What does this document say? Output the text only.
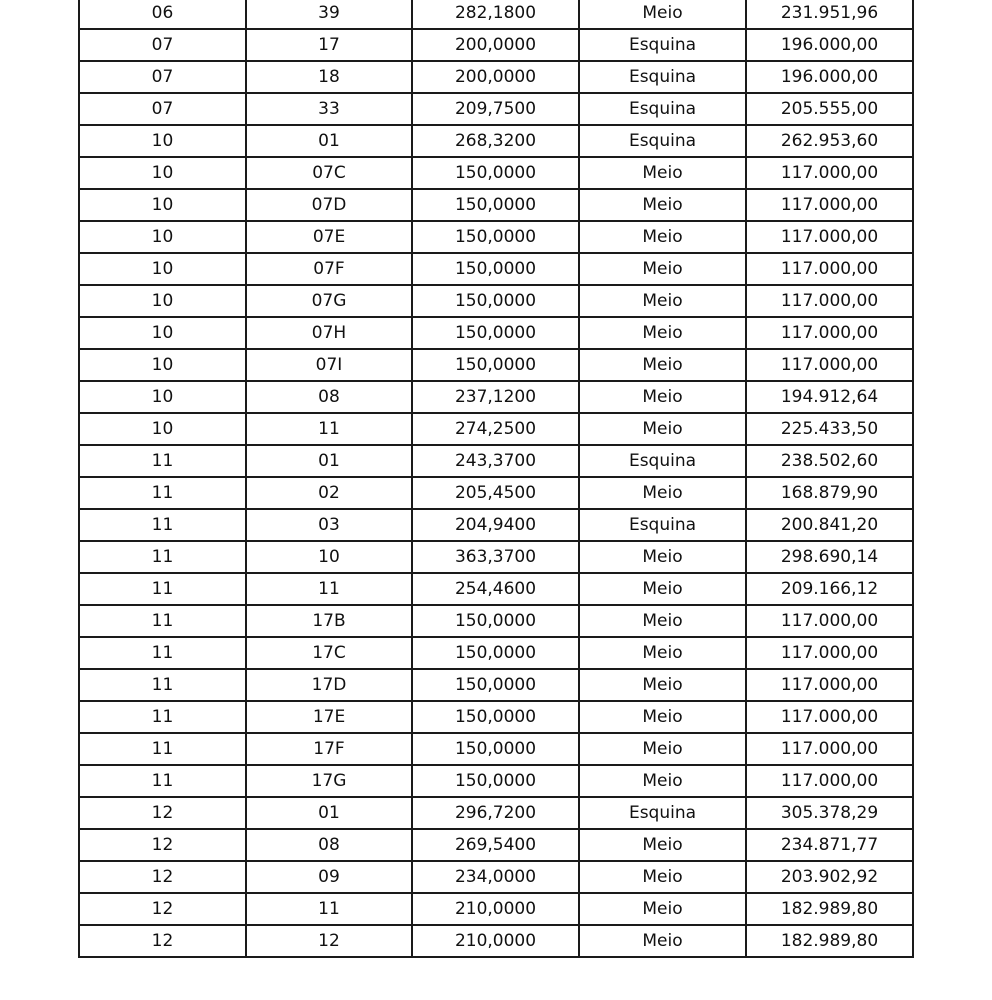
06	39	282,1800	Meio	231.951,96
07	17	200,0000	Esquina	196.000,00
07	18	200,0000	Esquina	196.000,00
07	33	209,7500	Esquina	205.555,00
10	01	268,3200	Esquina	262.953,60
10	07C	150,0000	Meio	117.000,00
10	07D	150,0000	Meio	117.000,00
10	07E	150,0000	Meio	117.000,00
10	07F	150,0000	Meio	117.000,00
10	07G	150,0000	Meio	117.000,00
10	07H	150,0000	Meio	117.000,00
10	07I	150,0000	Meio	117.000,00
10	08	237,1200	Meio	194.912,64
10	11	274,2500	Meio	225.433,50
11	01	243,3700	Esquina	238.502,60
11	02	205,4500	Meio	168.879,90
11	03	204,9400	Esquina	200.841,20
11	10	363,3700	Meio	298.690,14
11	11	254,4600	Meio	209.166,12
11	17B	150,0000	Meio	117.000,00
11	17C	150,0000	Meio	117.000,00
11	17D	150,0000	Meio	117.000,00
11	17E	150,0000	Meio	117.000,00
11	17F	150,0000	Meio	117.000,00
11	17G	150,0000	Meio	117.000,00
12	01	296,7200	Esquina	305.378,29
12	08	269,5400	Meio	234.871,77
12	09	234,0000	Meio	203.902,92
12	11	210,0000	Meio	182.989,80
12	12	210,0000	Meio	182.989,80
